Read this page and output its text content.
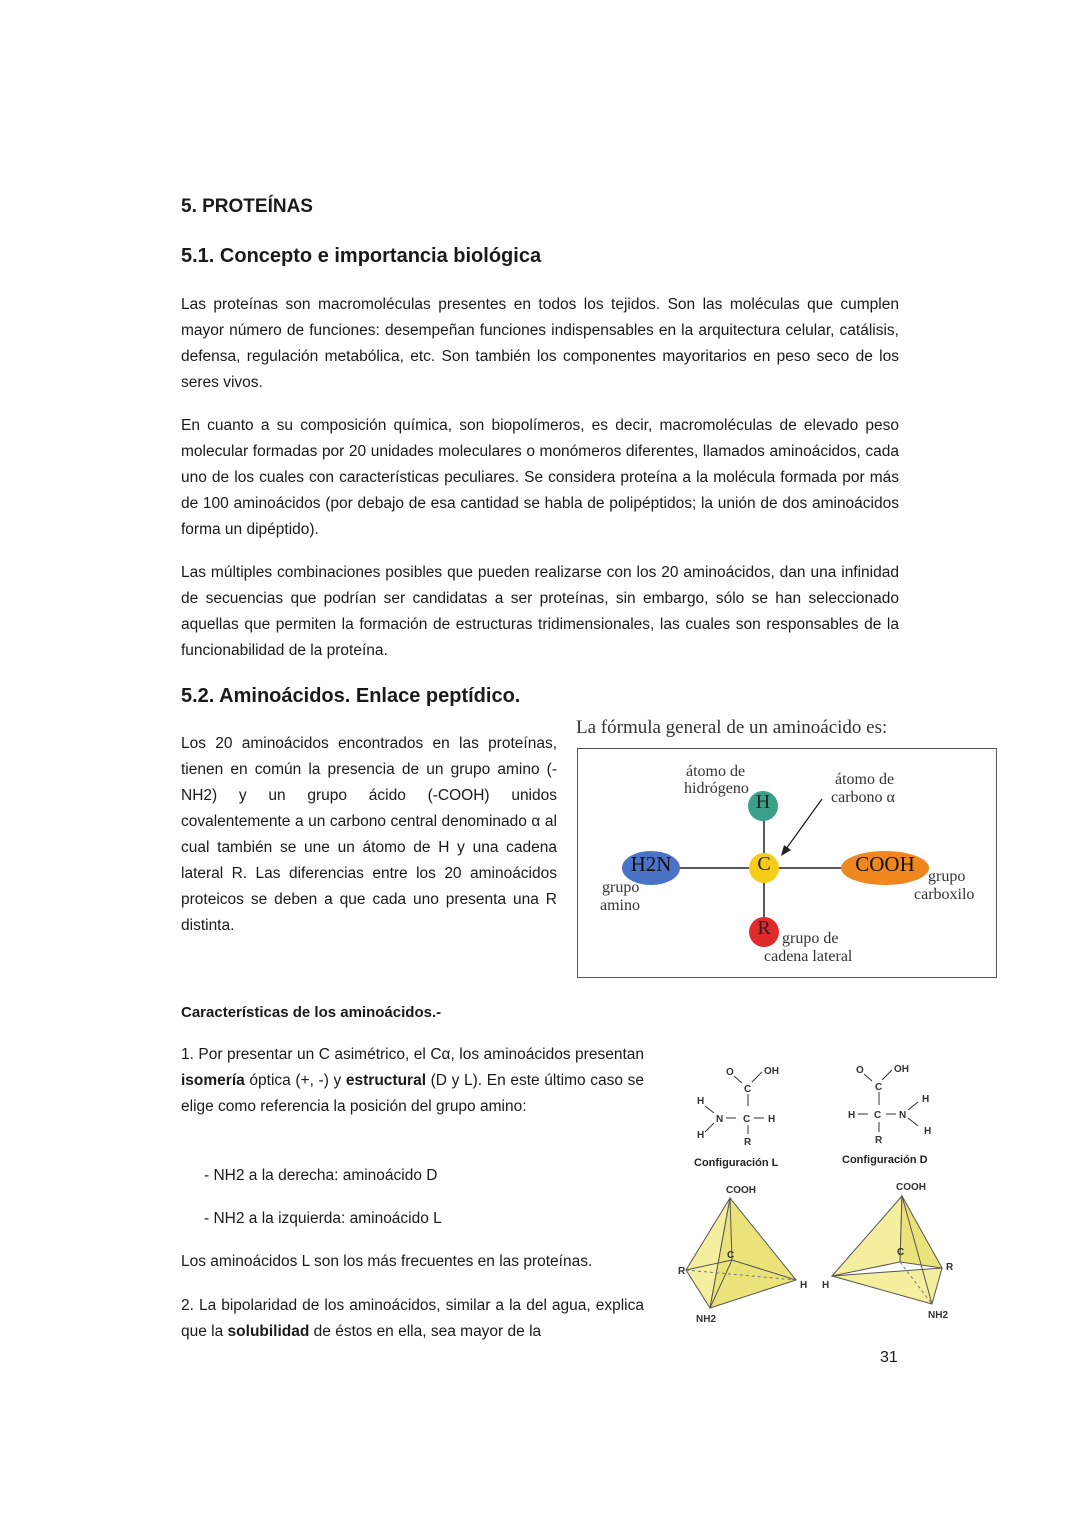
5. PROTEÍNAS
5.1. Concepto e importancia biológica

Las proteínas son macromoléculas presentes en todos los tejidos. Son las moléculas que cumplen mayor número de funciones: desempeñan funciones indispensables en la arquitectura celular, catálisis, defensa, regulación metabólica, etc. Son también los componentes mayoritarios en peso seco de los seres vivos.

En cuanto a su composición química, son biopolímeros, es decir, macromoléculas de elevado peso molecular formadas por 20 unidades moleculares o monómeros diferentes, llamados aminoácidos, cada uno de los cuales con características peculiares. Se considera proteína a la molécula formada por más de 100 aminoácidos (por debajo de esa cantidad se habla de polipéptidos; la unión de dos aminoácidos forma un dipéptido).

Las múltiples combinaciones posibles que pueden realizarse con los 20 aminoácidos, dan una infinidad de secuencias que podrían ser candidatas a ser proteínas, sin embargo, sólo se han seleccionado aquellas que permiten la formación de estructuras tridimensionales, las cuales son responsables de la funcionabilidad de la proteína.

5.2. Aminoácidos. Enlace peptídico.

Los 20 aminoácidos encontrados en las proteínas, tienen en común la presencia de un grupo amino (-NH2) y un grupo ácido (-COOH) unidos covalentemente a un carbono central denominado α al cual también se une un átomo de H y una cadena lateral R. Las diferencias entre los 20 aminoácidos proteicos se deben a que cada uno presenta una R distinta.

La fórmula general de un aminoácido es:
H
C
R
H2N	COOH
átomo de
hidrógeno
átomo de
carbono α
grupo
amino
grupo
carboxilo
grupo de
cadena lateral
Características de los aminoácidos.-

1. Por presentar un C asimétrico, el Cα, los aminoácidos presentan isomería óptica (+, -) y estructural (D y L). En este último caso se elige como referencia la posición del grupo amino:

- NH2 a la derecha: aminoácido D
- NH2 a la izquierda: aminoácido L
Los aminoácidos L son los más frecuentes en las proteínas.

2. La bipolaridad de los aminoácidos, similar a la del agua, explica que la solubilidad de éstos en ella, sea mayor de la

O	OH
C
H
H
N C H
R
Configuración L
O	OH
C
H C N
H
H
R
Configuración D
COOH
C
R
H
NH2
COOH
C
R
H
NH2
31
